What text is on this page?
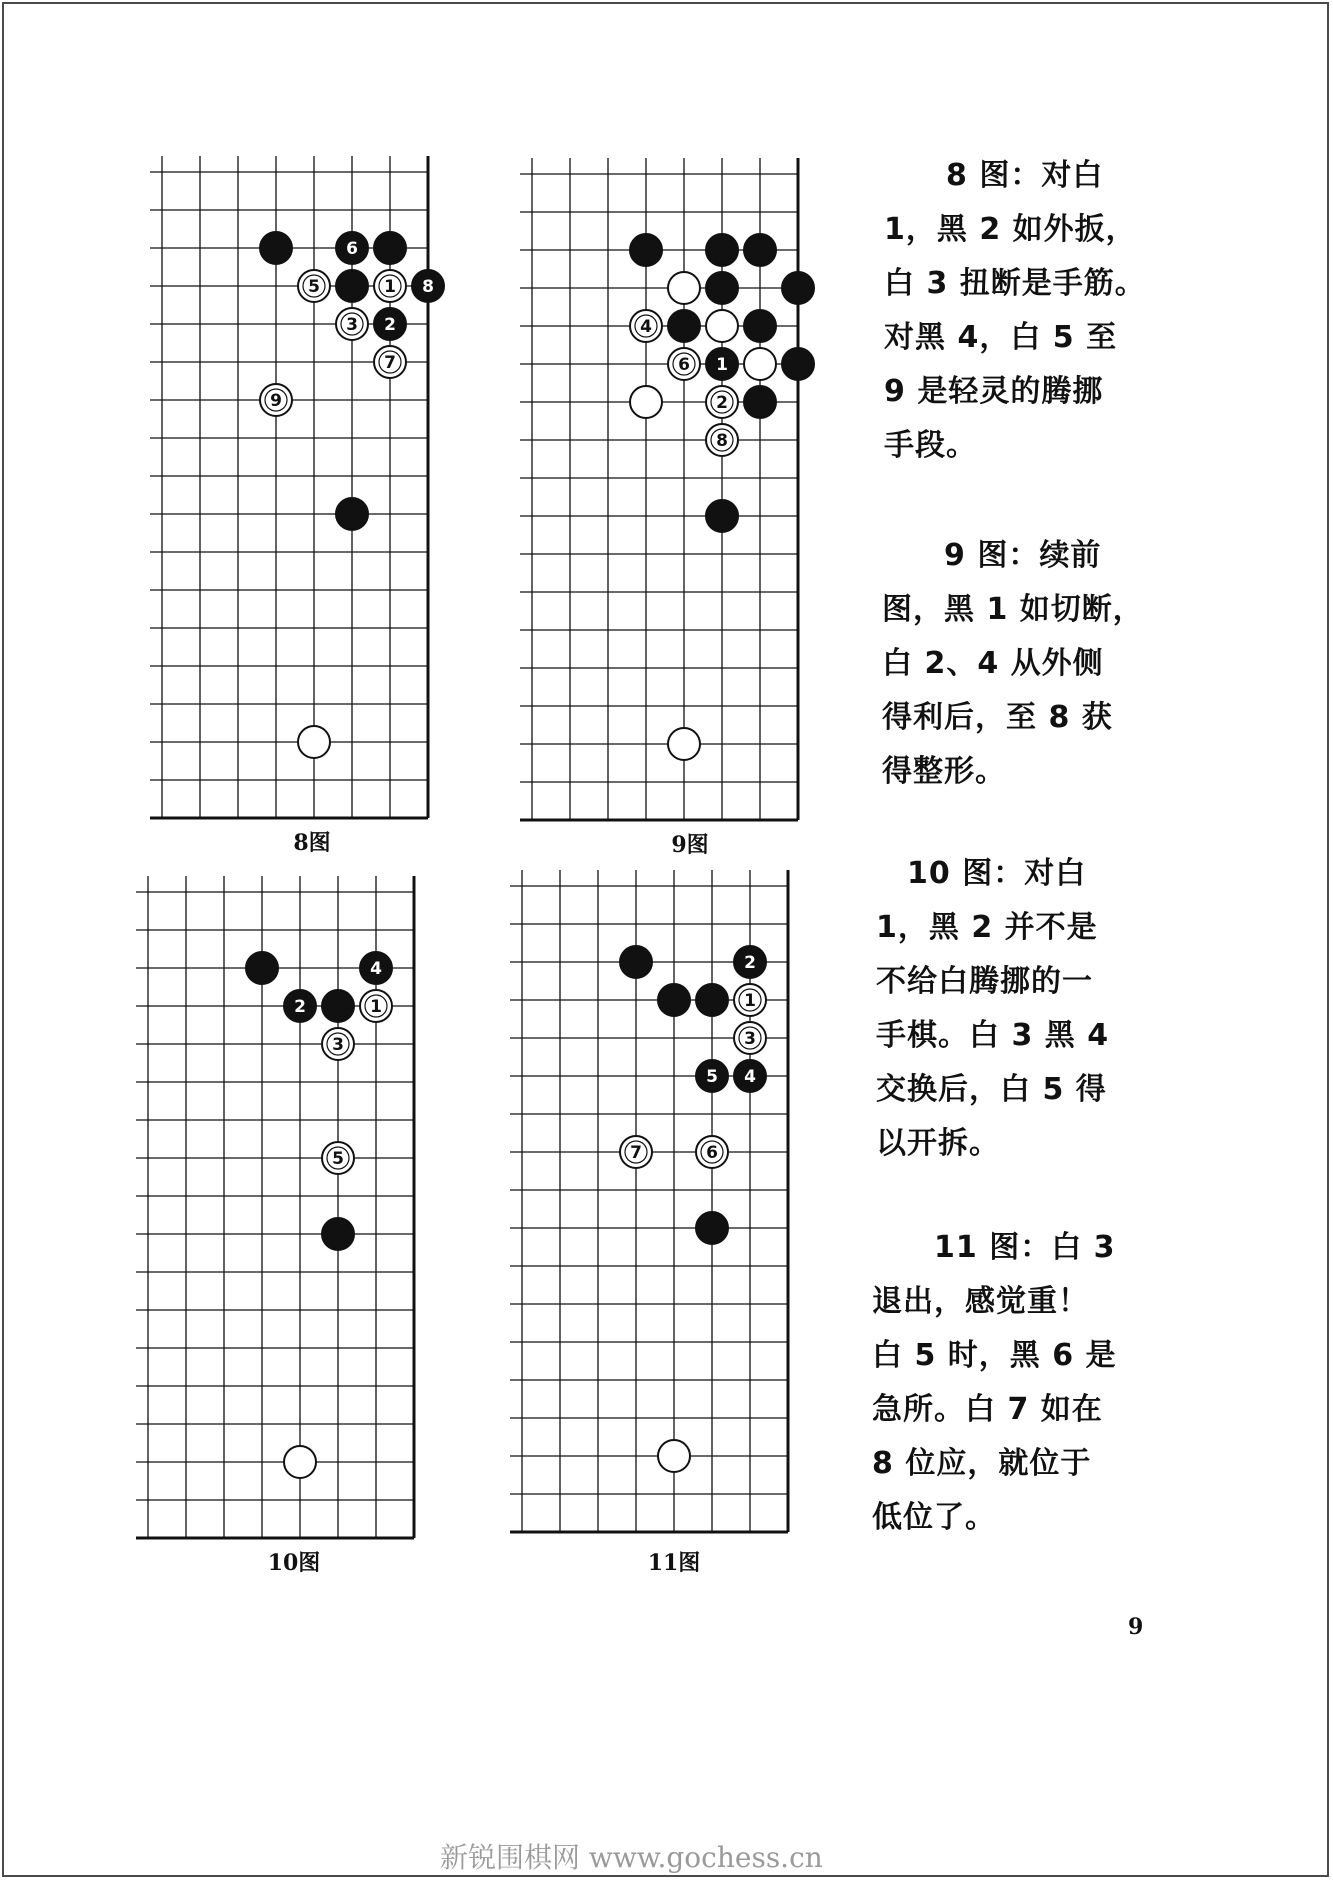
6
5	1 8
3 2
7
9
8图
4
6 1
2
8
9图
4
2	1
3
5
10图
2
1
3
5 4
7	6
11图
　　8 图：对白
1，黑 2 如外扳，
白 3 扭断是手筋。
对黑 4，白 5 至
9 是轻灵的腾挪
手段。
　　9 图：续前
图，黑 1 如切断，
白 2、4 从外侧
得利后，至 8 获
得整形。
　10 图：对白
1，黑 2 并不是
不给白腾挪的一
手棋。白 3 黑 4
交换后，白 5 得
以开拆。
　　11 图：白 3
退出，感觉重！
白 5 时，黑 6 是
急所。白 7 如在
8 位应，就位于
低位了。
9
新锐围棋网 www.gochess.cn
